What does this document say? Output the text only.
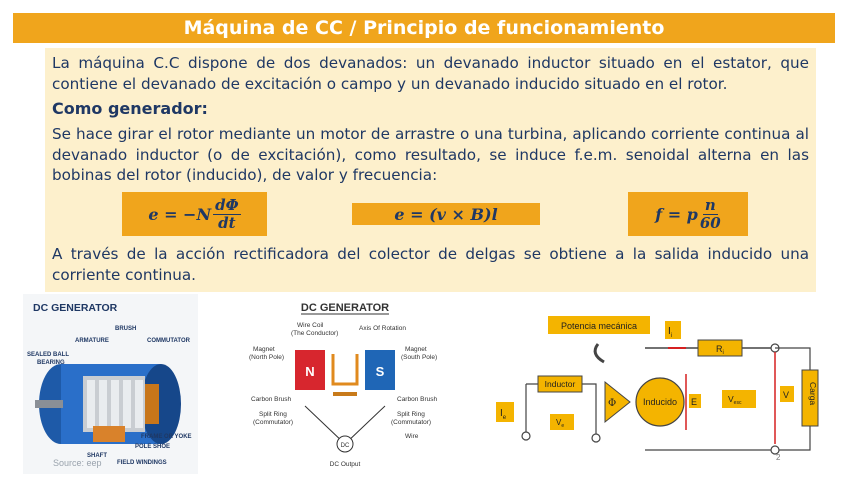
Máquina de CC / Principio de funcionamiento

La máquina C.C dispone de dos devanados: un devanado inductor situado en el estator, que contiene el devanado de excitación o campo y un devanado inducido situado en el rotor.

Como generador:

Se hace girar el rotor mediante un motor de arrastre o una turbina, aplicando corriente continua al devanado inductor (o de excitación), como resultado, se induce f.e.m. senoidal alterna en las bobinas del rotor (inducido), de valor y frecuencia:

$e = -N \frac{d\Phi}{dt}$	e = (v × B)l	f = p $\frac{n}{60}$

A través de la acción rectificadora del colector de delgas se obtiene a la salida inducido una corriente continua.

DC GENERATOR
BRUSH
ARMATURE	COMMUTATOR
SEALED BALL
BEARING
FRAME OR YOKE
POLE SHOE
SHAFT
FIELD WINDINGS
Source: eep
DC GENERATOR
N	S
DC
Wire Coil
(The Conductor)
Axis Of Rotation
Magnet
(North Pole)
Magnet
(South Pole)
Carbon Brush	Carbon Brush
Split Ring
(Commutator)
Split Ring
(Commutator)
Wire
DC Output
Potencia mecánica	$I_i$
$R_i$
Inductor
$I_e$	$V_e$
Φ	Inducido E	$V_{esc}$
V Carga
2
